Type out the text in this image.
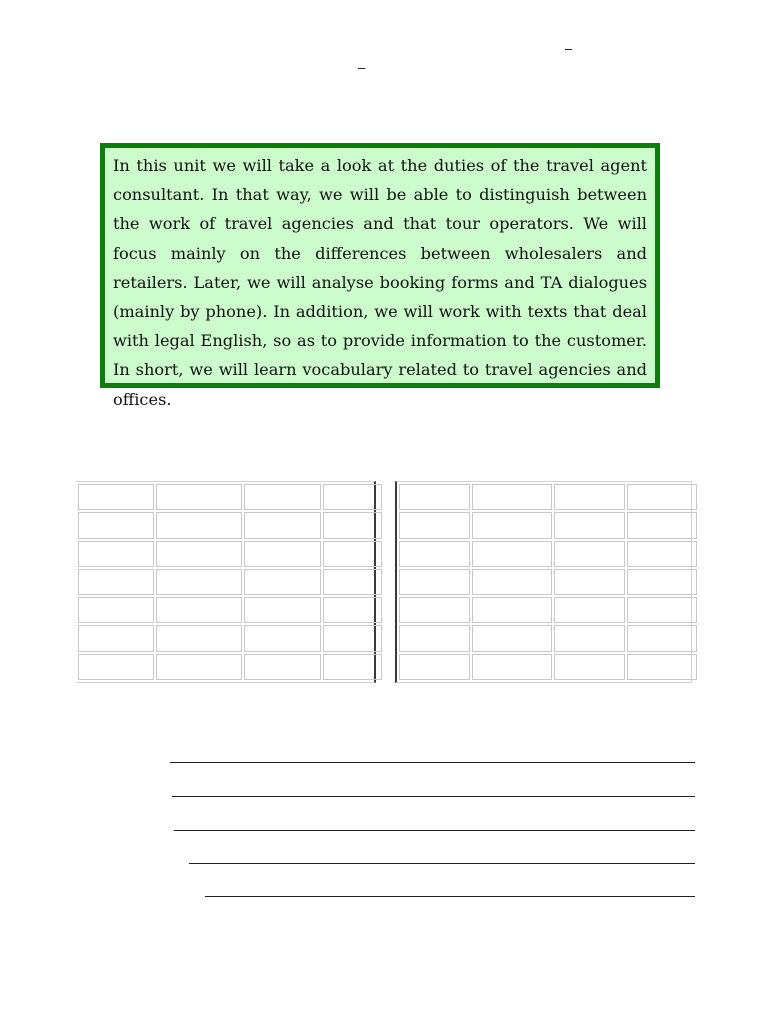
–
–

In this unit we will take a look at the duties of the travel agent consultant. In that way, we will be able to distinguish between the work of travel agencies and that tour operators. We will focus mainly on the differences between wholesalers and retailers. Later, we will analyse booking forms and TA dialogues (mainly by phone). In addition, we will work with texts that deal with legal English, so as to provide information to the customer. In short, we will learn vocabulary related to travel agencies and offices.
